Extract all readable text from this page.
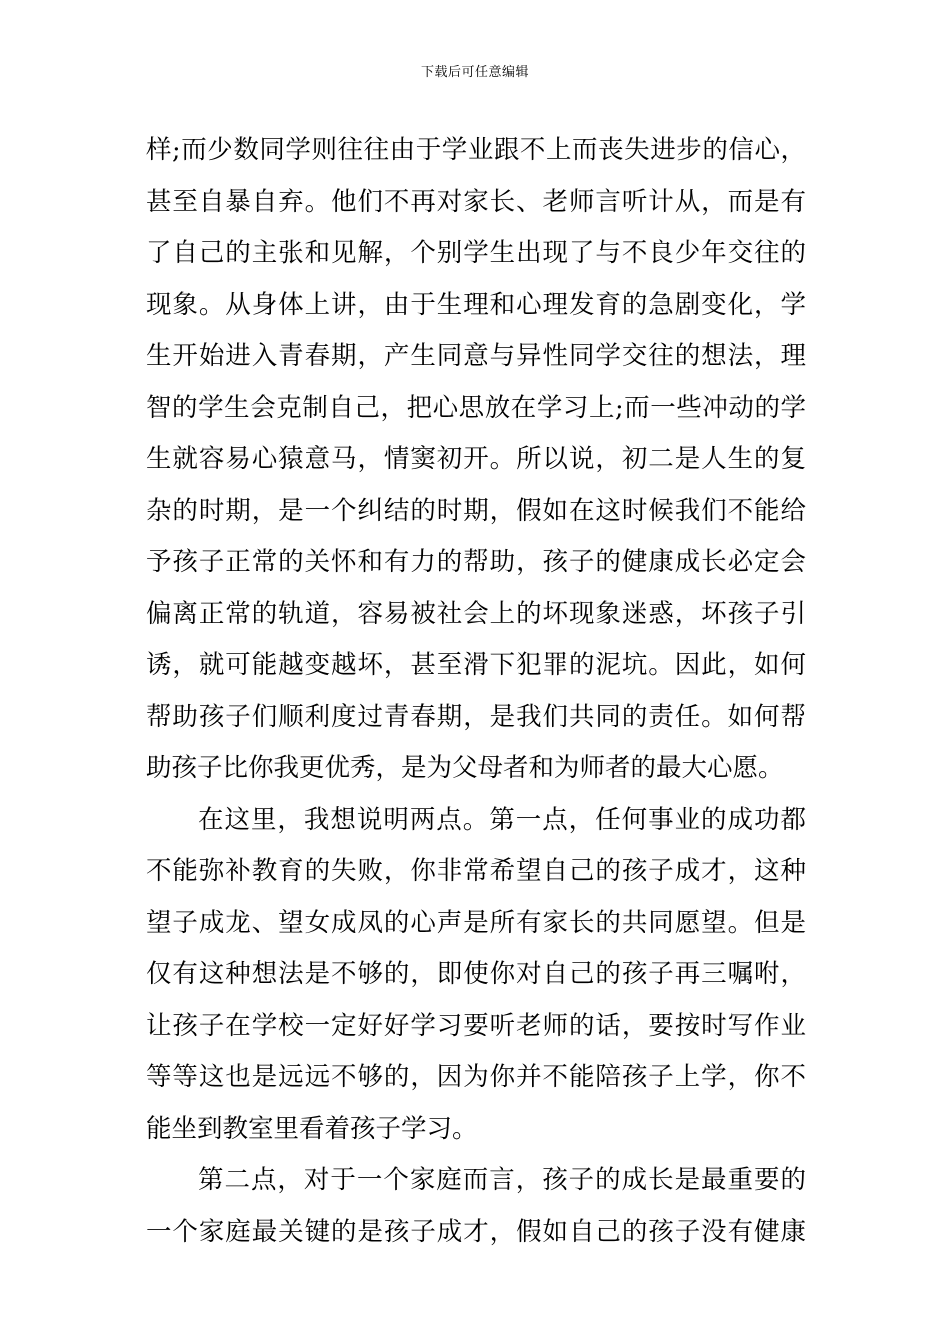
下载后可任意编辑
样;而少数同学则往往由于学业跟不上而丧失进步的信心，
甚至自暴自弃。他们不再对家长、老师言听计从，而是有
了自己的主张和见解，个别学生出现了与不良少年交往的
现象。从身体上讲，由于生理和心理发育的急剧变化，学
生开始进入青春期，产生同意与异性同学交往的想法，理
智的学生会克制自己，把心思放在学习上;而一些冲动的学
生就容易心猿意马，情窦初开。所以说，初二是人生的复
杂的时期，是一个纠结的时期，假如在这时候我们不能给
予孩子正常的关怀和有力的帮助，孩子的健康成长必定会
偏离正常的轨道，容易被社会上的坏现象迷惑，坏孩子引
诱，就可能越变越坏，甚至滑下犯罪的泥坑。因此，如何
帮助孩子们顺利度过青春期，是我们共同的责任。如何帮
助孩子比你我更优秀，是为父母者和为师者的最大心愿。
在这里，我想说明两点。第一点，任何事业的成功都
不能弥补教育的失败，你非常希望自己的孩子成才，这种
望子成龙、望女成凤的心声是所有家长的共同愿望。但是
仅有这种想法是不够的，即使你对自己的孩子再三嘱咐，
让孩子在学校一定好好学习要听老师的话，要按时写作业
等等这也是远远不够的，因为你并不能陪孩子上学，你不
能坐到教室里看着孩子学习。
第二点，对于一个家庭而言，孩子的成长是最重要的
一个家庭最关键的是孩子成才，假如自己的孩子没有健康
